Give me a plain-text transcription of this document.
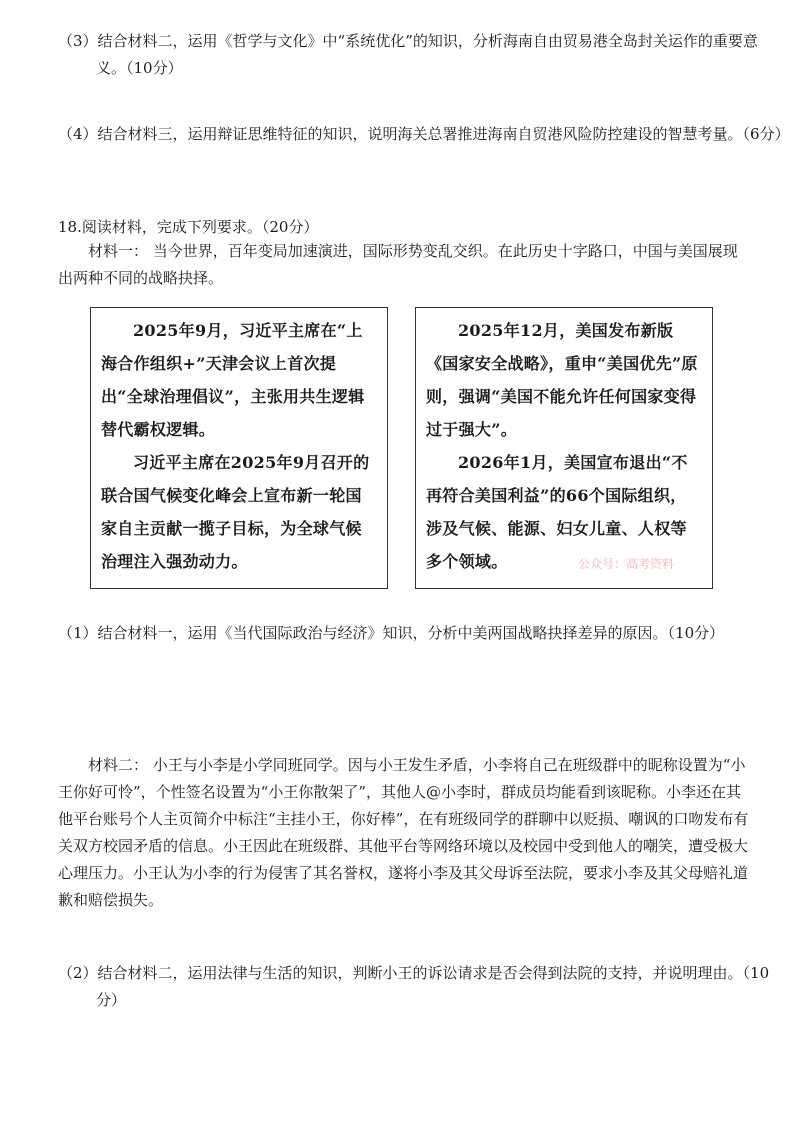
（3）结合材料二，运用《哲学与文化》中“系统优化”的知识，分析海南自由贸易港全岛封关运作的重要意义。（10分）

（4）结合材料三，运用辩证思维特征的知识，说明海关总署推进海南自贸港风险防控建设的智慧考量。（6分）

18.阅读材料，完成下列要求。（20分）

材料一： 当今世界，百年变局加速演进，国际形势变乱交织。在此历史十字路口，中国与美国展现出两种不同的战略抉择。

2025年9月，习近平主席在“上海合作组织+”天津会议上首次提出“全球治理倡议”，主张用共生逻辑替代霸权逻辑。

习近平主席在2025年9月召开的联合国气候变化峰会上宣布新一轮国家自主贡献一揽子目标，为全球气候治理注入强劲动力。

2025年12月，美国发布新版《国家安全战略》，重申“美国优先”原则，强调“美国不能允许任何国家变得过于强大”。

2026年1月，美国宣布退出“不再符合美国利益”的66个国际组织，涉及气候、能源、妇女儿童、人权等多个领域。	公众号：高考资料

（1）结合材料一，运用《当代国际政治与经济》知识，分析中美两国战略抉择差异的原因。（10分）

材料二： 小王与小李是小学同班同学。因与小王发生矛盾，小李将自己在班级群中的昵称设置为“小王你好可怜”，个性签名设置为“小王你散架了”，其他人@小李时，群成员均能看到该昵称。小李还在其他平台账号个人主页简介中标注“主挂小王，你好棒”，在有班级同学的群聊中以贬损、嘲讽的口吻发布有关双方校园矛盾的信息。小王因此在班级群、其他平台等网络环境以及校园中受到他人的嘲笑，遭受极大心理压力。小王认为小李的行为侵害了其名誉权，遂将小李及其父母诉至法院，要求小李及其父母赔礼道歉和赔偿损失。

（2）结合材料二，运用法律与生活的知识，判断小王的诉讼请求是否会得到法院的支持，并说明理由。（10分）
